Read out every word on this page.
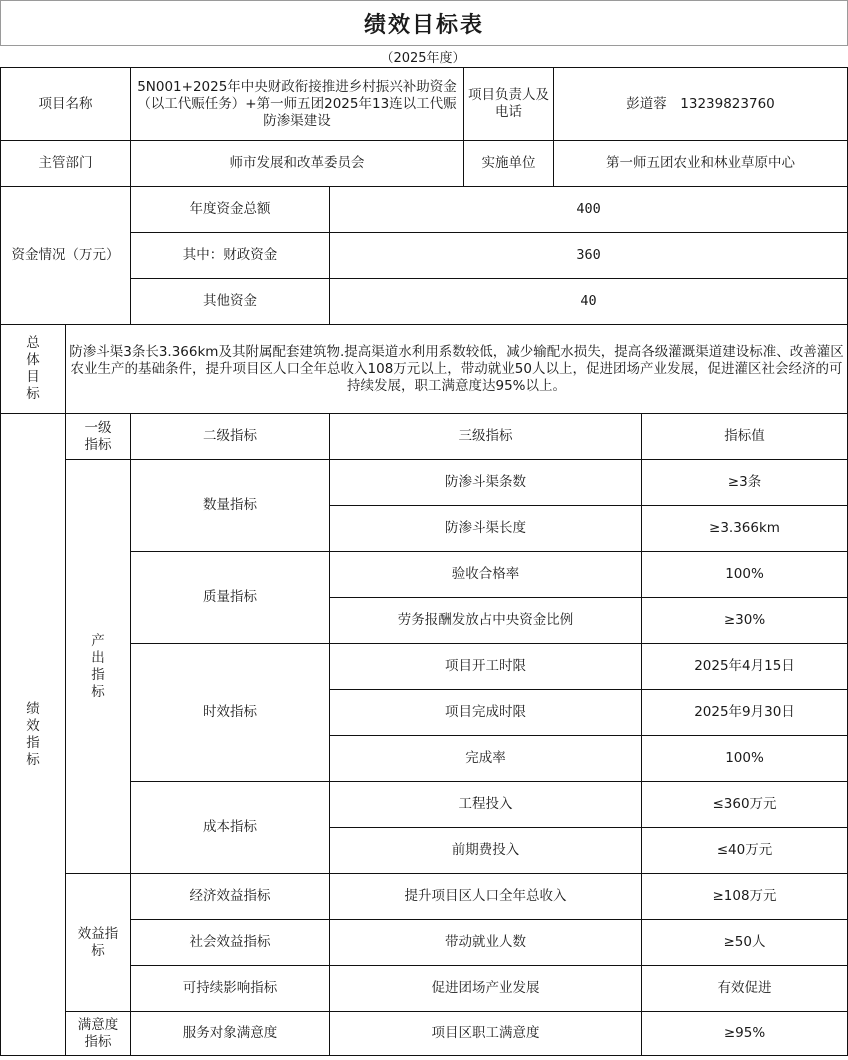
绩效目标表
（2025年度）
项目名称		5N001+2025年中央财政衔接推进乡村振兴补助资金（以工代赈任务）+第一师五团2025年13连以工代赈防渗渠建设		项目负责人及电话	彭道蓉　13239823760	
主管部门		师市发展和改革委员会		实施单位	第一师五团农业和林业草原中心	
资金情况（万元）		年度资金总额	400			
		其中：财政资金	360			
		其他资金	40			
总体目标	防渗斗渠3条长3.366km及其附属配套建筑物.提高渠道水利用系数较低，减少输配水损失，提高各级灌溉渠道建设标准、改善灌区农业生产的基础条件，提升项目区人口全年总收入108万元以上，带动就业50人以上，促进团场产业发展，促进灌区社会经济的可持续发展，职工满意度达95%以上。					
绩效指标	一级指标	二级指标	三级指标			指标值
	产出指标	数量指标	防渗斗渠条数			≥3条
			防渗斗渠长度			≥3.366km
		质量指标	验收合格率			100%
			劳务报酬发放占中央资金比例			≥30%
		时效指标	项目开工时限			2025年4月15日
			项目完成时限			2025年9月30日
			完成率			100%
		成本指标	工程投入			≤360万元
			前期费投入			≤40万元
	效益指标	经济效益指标	提升项目区人口全年总收入			≥108万元
		社会效益指标	带动就业人数			≥50人
		可持续影响指标	促进团场产业发展			有效促进
	满意度指标	服务对象满意度	项目区职工满意度			≥95%
